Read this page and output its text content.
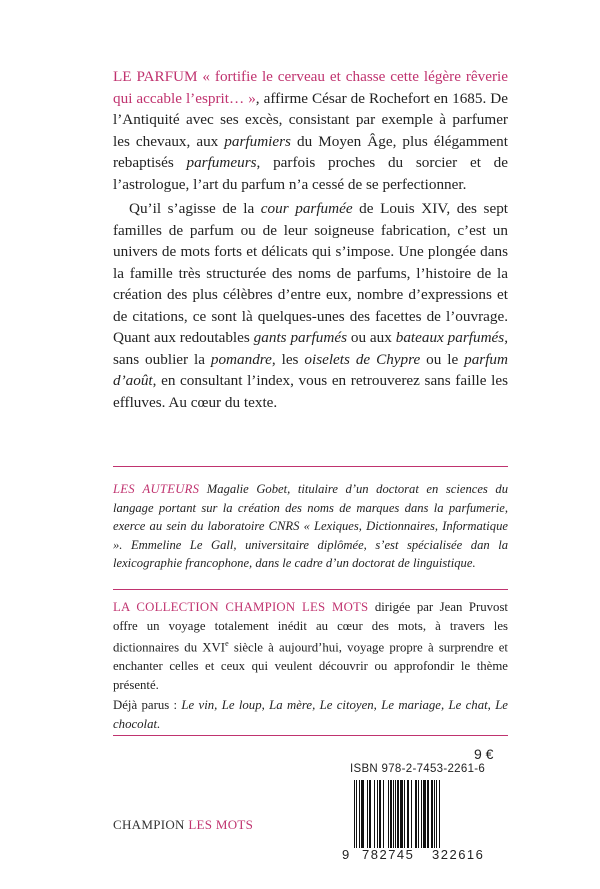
LE PARFUM « fortifie le cerveau et chasse cette légère rêverie qui accable l’esprit… », affirme César de Rochefort en 1685. De l’Antiquité avec ses excès, consistant par exemple à parfumer les chevaux, aux parfumiers du Moyen Âge, plus élégamment rebaptisés parfumeurs, parfois proches du sorcier et de l’astrologue, l’art du parfum n’a cessé de se perfectionner.

Qu’il s’agisse de la cour parfumée de Louis XIV, des sept familles de parfum ou de leur soigneuse fabrication, c’est un univers de mots forts et délicats qui s’impose. Une plongée dans la famille très structurée des noms de parfums, l’histoire de la création des plus célèbres d’entre eux, nombre d’expressions et de citations, ce sont là quelques-unes des facettes de l’ouvrage. Quant aux redoutables gants parfumés ou aux bateaux parfumés, sans oublier la pomandre, les oiselets de Chypre ou le parfum d’août, en consultant l’index, vous en retrouverez sans faille les effluves. Au cœur du texte.

LES AUTEURS Magalie Gobet, titulaire d’un doctorat en sciences du langage portant sur la création des noms de marques dans la parfumerie, exerce au sein du laboratoire CNRS « Lexiques, Dictionnaires, Informatique ». Emmeline Le Gall, universitaire diplômée, s’est spécialisée dan la lexicographie francophone, dans le cadre d’un doctorat de linguistique.

LA COLLECTION CHAMPION LES MOTS dirigée par Jean Pruvost offre un voyage totalement inédit au cœur des mots, à travers les dictionnaires du XVIe siècle à aujourd’hui, voyage propre à surprendre et enchanter celles et ceux qui veulent découvrir ou approfondir le thème présenté.

Déjà parus : Le vin, Le loup, La mère, Le citoyen, Le mariage, Le chat, Le chocolat.

9 €
ISBN 978-2-7453-2261-6
9 782745 322616
CHAMPION LES MOTS
